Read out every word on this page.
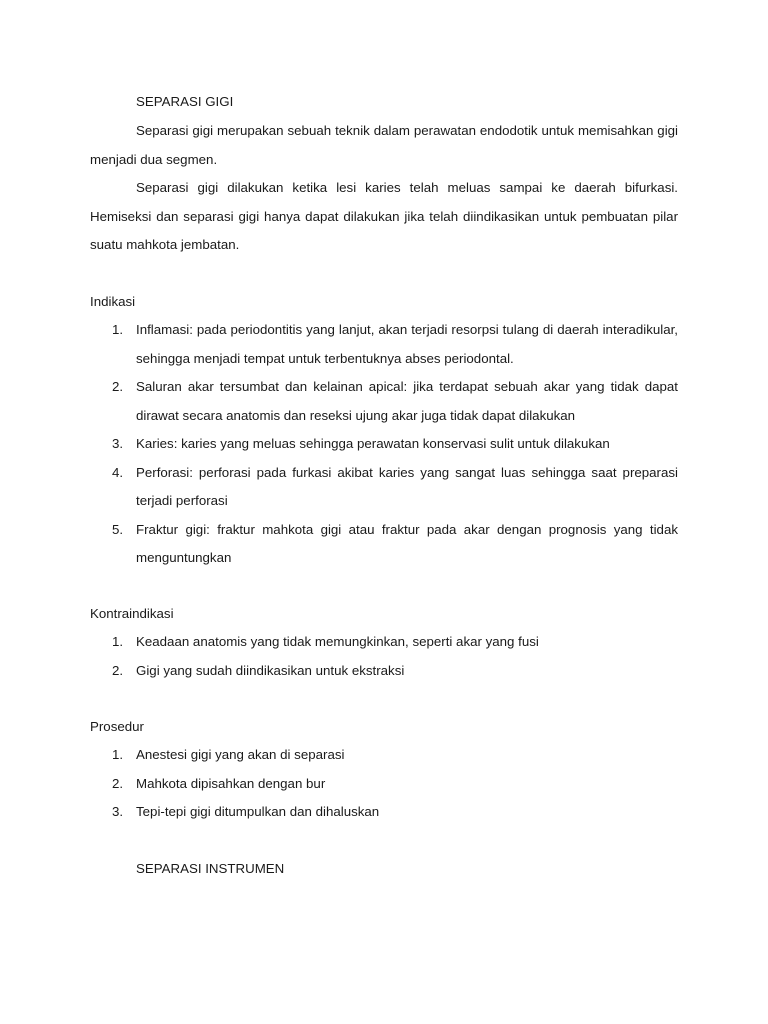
SEPARASI GIGI

Separasi gigi merupakan sebuah teknik dalam perawatan endodotik untuk memisahkan gigi menjadi dua segmen.

Separasi gigi dilakukan ketika lesi karies telah meluas sampai ke daerah bifurkasi. Hemiseksi dan separasi gigi hanya dapat dilakukan jika telah diindikasikan untuk pembuatan pilar suatu mahkota jembatan.

Indikasi
1. Inflamasi: pada periodontitis yang lanjut, akan terjadi resorpsi tulang di daerah interadikular, sehingga menjadi tempat untuk terbentuknya abses periodontal.
2. Saluran akar tersumbat dan kelainan apical: jika terdapat sebuah akar yang tidak dapat dirawat secara anatomis dan reseksi ujung akar juga tidak dapat dilakukan
3. Karies: karies yang meluas sehingga perawatan konservasi sulit untuk dilakukan
4. Perforasi: perforasi pada furkasi akibat karies yang sangat luas sehingga saat preparasi terjadi perforasi
5. Fraktur gigi: fraktur mahkota gigi atau fraktur pada akar dengan prognosis yang tidak menguntungkan
Kontraindikasi
1. Keadaan anatomis yang tidak memungkinkan, seperti akar yang fusi
2. Gigi yang sudah diindikasikan untuk ekstraksi
Prosedur
1. Anestesi gigi yang akan di separasi
2. Mahkota dipisahkan dengan bur
3. Tepi-tepi gigi ditumpulkan dan dihaluskan
SEPARASI INSTRUMEN
